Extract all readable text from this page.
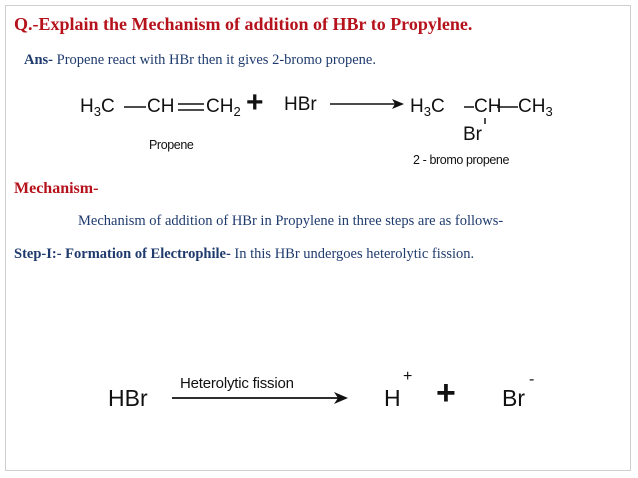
Q.-Explain the Mechanism of addition of HBr to Propylene.
Ans- Propene react with HBr then it gives 2-bromo propene.
$H_3C$ CH $CH_2$ + HBr
Propene
$H_3C$ CH $CH_3$
Br
2 - bromo propene
Mechanism-
Mechanism of addition of HBr in Propylene in three steps are as follows-
Step-I:- Formation of Electrophile- In this HBr undergoes heterolytic fission.
HBr
Heterolytic fission
H
+ + Br
-
